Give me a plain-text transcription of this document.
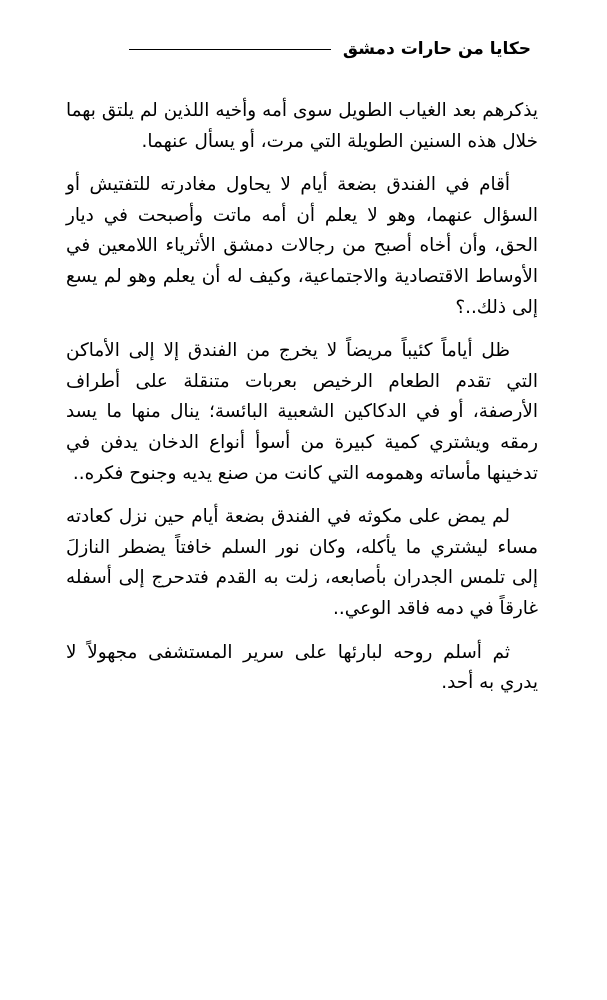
حكايا من حارات دمشق

يذكرهم بعد الغياب الطويل سوى أمه وأخيه اللذين لم يلتق بهما خلال هذه السنين الطويلة التي مرت، أو يسأل عنهما.

أقام في الفندق بضعة أيام لا يحاول مغادرته للتفتيش أو السؤال عنهما، وهو لا يعلم أن أمه ماتت وأصبحت في ديار الحق، وأن أخاه أصبح من رجالات دمشق الأثرياء اللامعين في الأوساط الاقتصادية والاجتماعية، وكيف له أن يعلم وهو لم يسع إلى ذلك..؟

ظل أياماً كئيباً مريضاً لا يخرج من الفندق إلا إلى الأماكن التي تقدم الطعام الرخيص بعربات متنقلة على أطراف الأرصفة، أو في الدكاكين الشعبية البائسة؛ ينال منها ما يسد رمقه ويشتري كمية كبيرة من أسوأ أنواع الدخان يدفن في تدخينها مأساته وهمومه التي كانت من صنع يديه وجنوح فكره..

لم يمض على مكوثه في الفندق بضعة أيام حين نزل كعادته مساء ليشتري ما يأكله، وكان نور السلم خافتاً يضطر النازلَ إلى تلمس الجدران بأصابعه، زلت به القدم فتدحرج إلى أسفله غارقاً في دمه فاقد الوعي..

ثم أسلم روحه لبارئها على سرير المستشفى مجهولاً لا يدري به أحد.
